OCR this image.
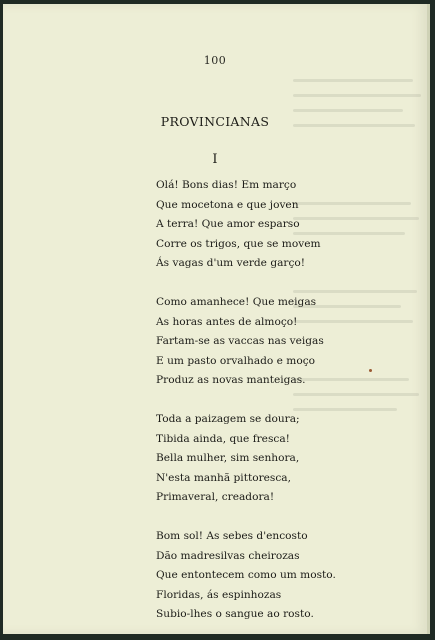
100
PROVINCIANAS
I
Olá! Bons dias! Em março
Que mocetona e que joven
A terra! Que amor esparso
Corre os trigos, que se movem
Ás vagas d'um verde garço!
Como amanhece! Que meigas
As horas antes de almoço!
Fartam-se as vaccas nas veigas
E um pasto orvalhado e moço
Produz as novas manteigas.
Toda a paizagem se doura;
Tibida ainda, que fresca!
Bella mulher, sim senhora,
N'esta manhã pittoresca,
Primaveral, creadora!
Bom sol! As sebes d'encosto
Dão madresilvas cheirozas
Que entontecem como um mosto.
Floridas, ás espinhozas
Subio-lhes o sangue ao rosto.
